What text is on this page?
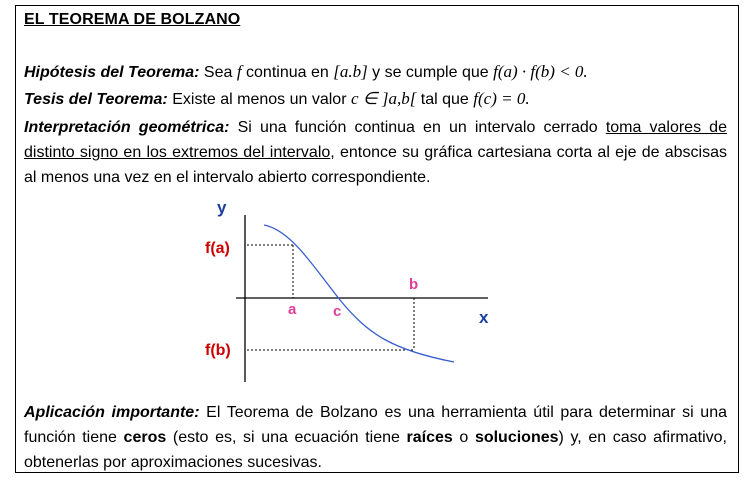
EL TEOREMA DE BOLZANO
Hipótesis del Teorema: Sea f continua en [a.b] y se cumple que f(a) · f(b) < 0.
Tesis del Teorema: Existe al menos un valor c ∈ ]a,b[ tal que f(c) = 0.
Interpretación geométrica: Si una función continua en un intervalo cerrado toma valores de distinto signo en los extremos del intervalo, entonce su gráfica cartesiana corta al eje de abscisas al menos una vez en el intervalo abierto correspondiente.
y
x
f(a)
f(b)
a c
b
Aplicación importante: El Teorema de Bolzano es una herramienta útil para determinar si una función tiene ceros (esto es, si una ecuación tiene raíces o soluciones) y, en caso afirmativo, obtenerlas por aproximaciones sucesivas.
